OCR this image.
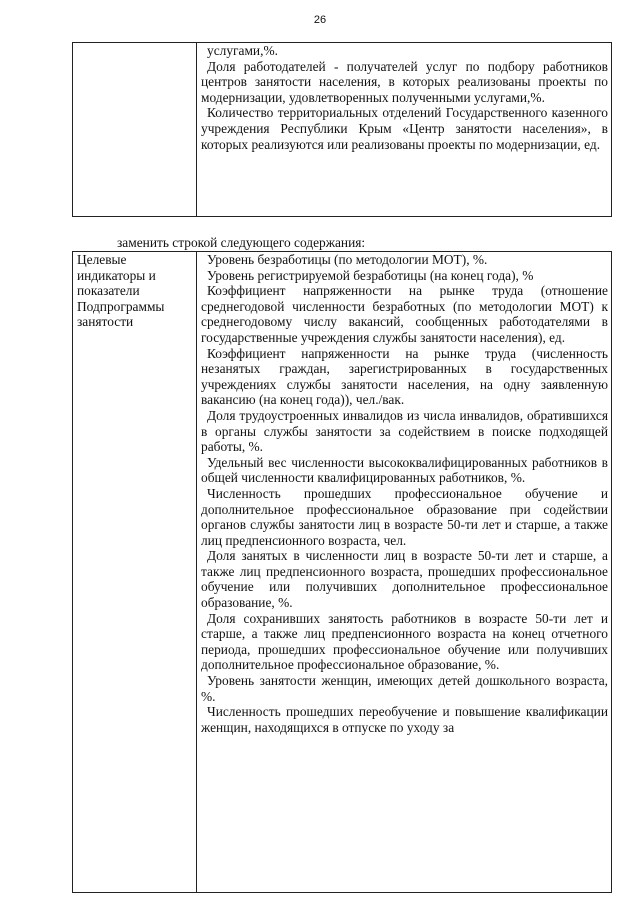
26

услугами,%.
Доля работодателей - получателей услуг по подбору работников центров занятости населения, в которых реализованы проекты по модернизации, удовлетворенных полученными услугами,%.
Количество территориальных отделений Государственного казенного учреждения Республики Крым «Центр занятости населения», в которых реализуются или реализованы проекты по модернизации, ед.
заменить строкой следующего содержания:
Целевые индикаторы и показатели Подпрограммы занятости	
Уровень безработицы (по методологии МОТ), %.
Уровень регистрируемой безработицы (на конец года), %
Коэффициент напряженности на рынке труда (отношение среднегодовой численности безработных (по методологии МОТ) к среднегодовому числу вакансий, сообщенных работодателями в государственные учреждения службы занятости населения), ед.
Коэффициент напряженности на рынке труда (численность незанятых граждан, зарегистрированных в государственных учреждениях службы занятости населения, на одну заявленную вакансию (на конец года)), чел./вак.
Доля трудоустроенных инвалидов из числа инвалидов, обратившихся в органы службы занятости за содействием в поиске подходящей работы, %.
Удельный вес численности высококвалифицированных работников в общей численности квалифицированных работников, %.
Численность прошедших профессиональное обучение и дополнительное профессиональное образование при содействии органов службы занятости лиц в возрасте 50-ти лет и старше, а также лиц предпенсионного возраста, чел.
Доля занятых в численности лиц в возрасте 50-ти лет и старше, а также лиц предпенсионного возраста, прошедших профессиональное обучение или получивших дополнительное профессиональное образование, %.
Доля сохранивших занятость работников в возрасте 50-ти лет и старше, а также лиц предпенсионного возраста на конец отчетного периода, прошедших профессиональное обучение или получивших дополнительное профессиональное образование, %.
Уровень занятости женщин, имеющих детей дошкольного возраста, %.
Численность прошедших переобучение и повышение квалификации женщин, находящихся в отпуске по уходу за
